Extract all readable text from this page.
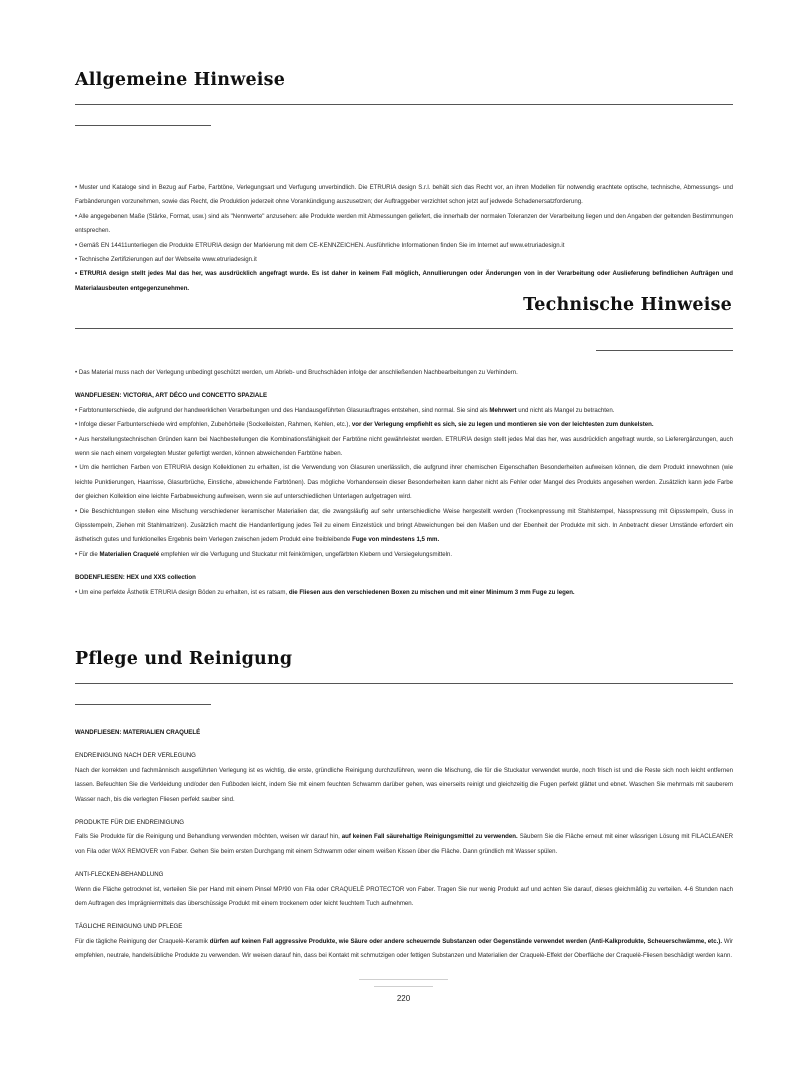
Allgemeine Hinweise

• Muster und Kataloge sind in Bezug auf Farbe, Farbtöne, Verlegungsart und Verfugung unverbindlich. Die ETRURIA design S.r.l. behält sich das Recht vor, an ihren Modellen für notwendig erachtete optische, technische, Abmessungs- und Farbänderungen vorzunehmen, sowie das Recht, die Produktion jederzeit ohne Vorankündigung auszusetzen; der Auftraggeber verzichtet schon jetzt auf jedwede Schadenersatzforderung.

• Alle angegebenen Maße (Stärke, Format, usw.) sind als "Nennwerte" anzusehen: alle Produkte werden mit Abmessungen geliefert, die innerhalb der normalen Toleranzen der Verarbeitung liegen und den Angaben der geltenden Bestimmungen entsprechen.

• Gemäß EN 14411unterliegen die Produkte ETRURIA design der Markierung mit dem CE-KENNZEICHEN. Ausführliche Informationen finden Sie im Internet auf www.etruriadesign.it

• Technische Zertifizierungen auf der Webseite www.etruriadesign.it

• ETRURIA design stellt jedes Mal das her, was ausdrücklich angefragt wurde. Es ist daher in keinem Fall möglich, Annullierungen oder Änderungen von in der Verarbeitung oder Auslieferung befindlichen Aufträgen und Materialausbeuten entgegenzunehmen.

Technische Hinweise

• Das Material muss nach der Verlegung unbedingt geschützt werden, um Abrieb- und Bruchschäden infolge der anschließenden Nachbearbeitungen zu Verhindern.

WANDFLIESEN: VICTORIA, ART DÉCO und CONCETTO SPAZIALE

• Farbtonunterschiede, die aufgrund der handwerklichen Verarbeitungen und des Handausgeführten Glasurauftrages entstehen, sind normal. Sie sind als Mehrwert und nicht als Mangel zu betrachten.

• Infolge dieser Farbunterschiede wird empfohlen, Zubehörteile (Sockelleisten, Rahmen, Kehlen, etc.), vor der Verlegung empfiehlt es sich, sie zu legen und montieren sie von der leichtesten zum dunkelsten.

• Aus herstellungstechnischen Gründen kann bei Nachbestellungen die Kombinationsfähigkeit der Farbtöne nicht gewährleistet werden. ETRURIA design stellt jedes Mal das her, was ausdrücklich angefragt wurde, so Lieferergänzungen, auch wenn sie nach einem vorgelegten Muster gefertigt werden, können abweichenden Farbtöne haben.

• Um die herrlichen Farben von ETRURIA design Kollektionen zu erhalten, ist die Verwendung von Glasuren unerlässlich, die aufgrund ihrer chemischen Eigenschaften Besonderheiten aufweisen können, die dem Produkt innewohnen (wie leichte Punktierungen, Haarrisse, Glasurbrüche, Einstiche, abweichende Farbtönen). Das mögliche Vorhandensein dieser Besonderheiten kann daher nicht als Fehler oder Mangel des Produkts angesehen werden. Zusätzlich kann jede Farbe der gleichen Kollektion eine leichte Farbabweichung aufweisen, wenn sie auf unterschiedlichen Unterlagen aufgetragen wird.

• Die Beschichtungen stellen eine Mischung verschiedener keramischer Materialien dar, die zwangsläufig auf sehr unterschiedliche Weise hergestellt werden (Trockenpressung mit Stahlstempel, Nasspressung mit Gipsstempeln, Guss in Gipsstempeln, Ziehen mit Stahlmatrizen). Zusätzlich macht die Handanfertigung jedes Teil zu einem Einzelstück und bringt Abweichungen bei den Maßen und der Ebenheit der Produkte mit sich. In Anbetracht dieser Umstände erfordert ein ästhetisch gutes und funktionelles Ergebnis beim Verlegen zwischen jedem Produkt eine freibleibende Fuge von mindestens 1,5 mm.

• Für die Materialien Craquelé empfehlen wir die Verfugung und Stuckatur mit feinkörnigen, ungefärbten Klebern und Versiegelungsmitteln.

BODENFLIESEN: HEX und XXS collection

• Um eine perfekte Ästhetik ETRURIA design Böden zu erhalten, ist es ratsam, die Fliesen aus den verschiedenen Boxen zu mischen und mit einer Minimum 3 mm Fuge zu legen.

Pflege und Reinigung

WANDFLIESEN: MATERIALIEN CRAQUELÉ

ENDREINIGUNG NACH DER VERLEGUNG

Nach der korrekten und fachmännisch ausgeführten Verlegung ist es wichtig, die erste, gründliche Reinigung durchzuführen, wenn die Mischung, die für die Stuckatur verwendet wurde, noch frisch ist und die Reste sich noch leicht entfernen lassen. Befeuchten Sie die Verkleidung und/oder den Fußboden leicht, indem Sie mit einem feuchten Schwamm darüber gehen, was einerseits reinigt und gleichzeitig die Fugen perfekt glättet und ebnet. Waschen Sie mehrmals mit sauberem Wasser nach, bis die verlegten Fliesen perfekt sauber sind.

PRODUKTE FÜR DIE ENDREINIGUNG

Falls Sie Produkte für die Reinigung und Behandlung verwenden möchten, weisen wir darauf hin, auf keinen Fall säurehaltige Reinigungsmittel zu verwenden. Säubern Sie die Fläche erneut mit einer wässrigen Lösung mit FILACLEANER von Fila oder WAX REMOVER von Faber. Gehen Sie beim ersten Durchgang mit einem Schwamm oder einem weißen Kissen über die Fläche. Dann gründlich mit Wasser spülen.

ANTI-FLECKEN-BEHANDLUNG

Wenn die Fläche getrocknet ist, verteilen Sie per Hand mit einem Pinsel MP/90 von Fila oder CRAQUELÈ PROTECTOR von Faber. Tragen Sie nur wenig Produkt auf und achten Sie darauf, dieses gleichmäßig zu verteilen. 4-6 Stunden nach dem Auftragen des Imprägniermittels das überschüssige Produkt mit einem trockenem oder leicht feuchtem Tuch aufnehmen.

TÄGLICHE REINIGUNG UND PFLEGE

Für die tägliche Reinigung der Craquelè-Keramik dürfen auf keinen Fall aggressive Produkte, wie Säure oder andere scheuernde Substanzen oder Gegenstände verwendet werden (Anti-Kalkprodukte, Scheuerschwämme, etc.). Wir empfehlen, neutrale, handelsübliche Produkte zu verwenden. Wir weisen darauf hin, dass bei Kontakt mit schmutzigen oder fettigen Substanzen und Materialien der Craquelè-Effekt der Oberfläche der Craquelè-Fliesen beschädigt werden kann.

220
